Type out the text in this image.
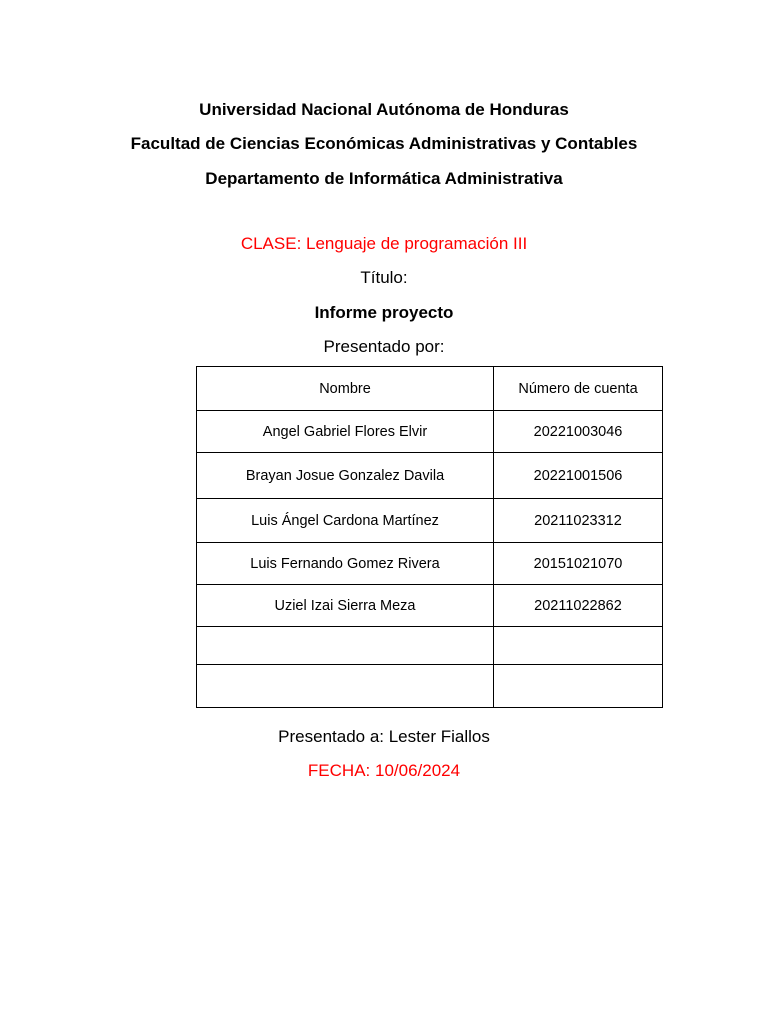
Universidad Nacional Autónoma de Honduras
Facultad de Ciencias Económicas Administrativas y Contables
Departamento de Informática Administrativa
CLASE: Lenguaje de programación III
Título:
Informe proyecto
Presentado por:
Nombre	Número de cuenta
Angel Gabriel Flores Elvir	20221003046
Brayan Josue Gonzalez Davila	20221001506
Luis Ángel Cardona Martínez	20211023312
Luis Fernando Gomez Rivera	20151021070
Uziel Izai Sierra Meza	20211022862

Presentado a: Lester Fiallos
FECHA: 10/06/2024
